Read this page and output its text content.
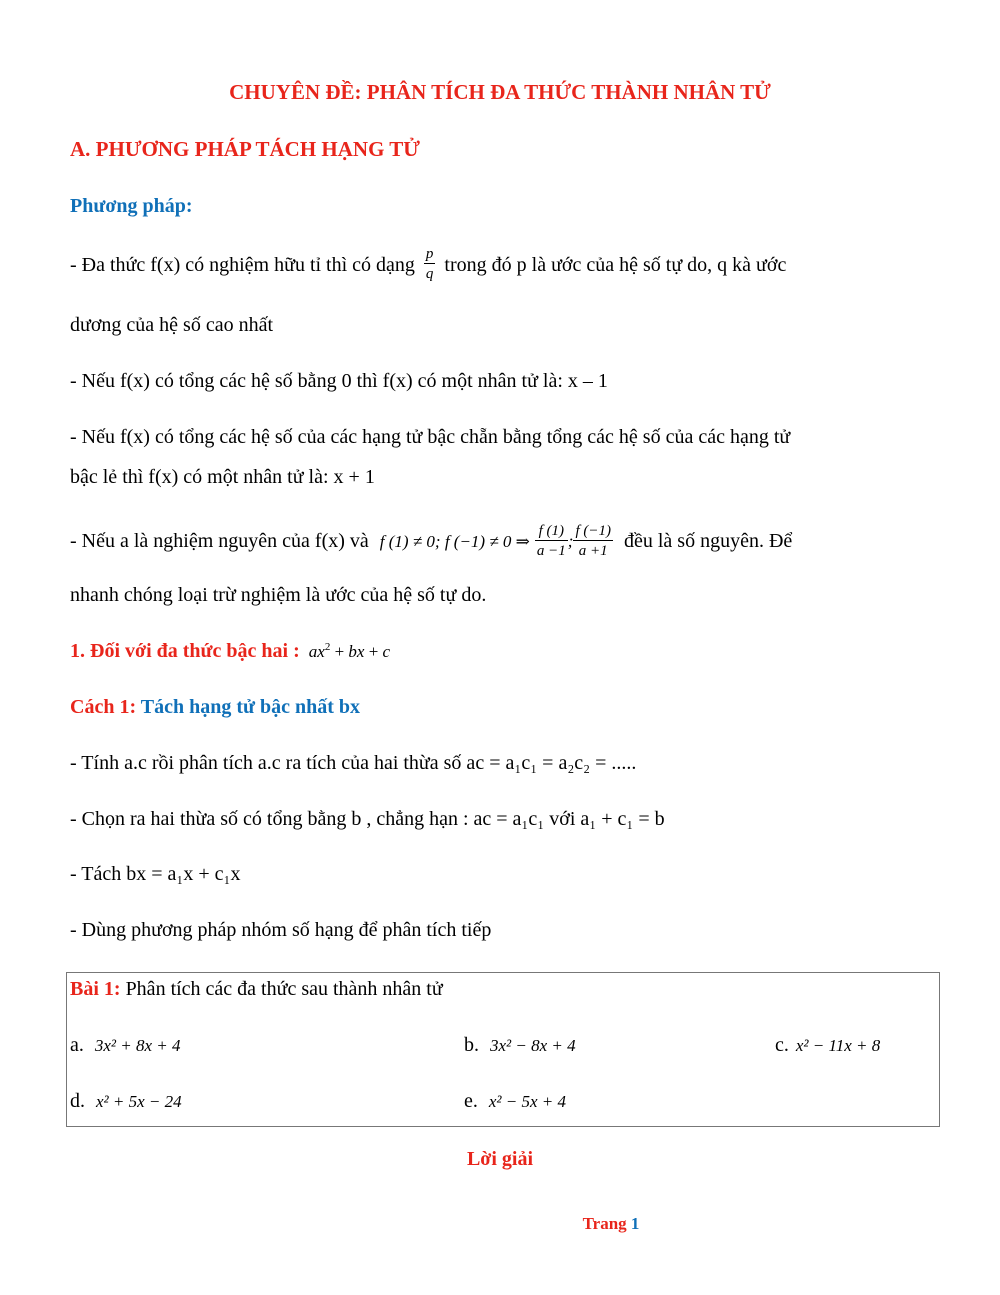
CHUYÊN ĐỀ: PHÂN TÍCH ĐA THỨC THÀNH NHÂN TỬ
A. PHƯƠNG PHÁP TÁCH HẠNG TỬ
Phương pháp:
- Đa thức f(x) có nghiệm hữu tỉ thì có dạng $\frac{p}{q}$ trong đó p là ước của hệ số tự do, q kà ước
dương của hệ số cao nhất
- Nếu f(x) có tổng các hệ số bằng 0 thì f(x) có một nhân tử là: x – 1
- Nếu f(x) có tổng các hệ số của các hạng tử bậc chẵn bằng tổng các hệ số của các hạng tử
bậc lẻ thì f(x) có một nhân tử là: x + 1
- Nếu a là nghiệm nguyên của f(x) và f (1) ≠ 0; f (−1) ≠ 0 ⇒ $\frac{f (1)}{a -1}$ ; $\frac{f (-1)}{a +1}$ đều là số nguyên. Để
nhanh chóng loại trừ nghiệm là ước của hệ số tự do.
1. Đối với đa thức bậc hai : $ax^2$ + bx + c
Cách 1: Tách hạng tử bậc nhất bx
- Tính a.c rồi phân tích a.c ra tích của hai thừa số ac = a₁c₁ = a₂c₂ = .....
- Chọn ra hai thừa số có tổng bằng b , chẳng hạn : ac = a₁c₁ với a₁ + c₁ = b
- Tách bx = a₁x + c₁x
- Dùng phương pháp nhóm số hạng để phân tích tiếp
Bài 1: Phân tích các đa thức sau thành nhân tử
a. 3x² + 8x + 4	b. 3x² − 8x + 4	c. x² − 11x + 8
d. x² + 5x − 24	e. x² − 5x + 4
Lời giải
Trang 1
